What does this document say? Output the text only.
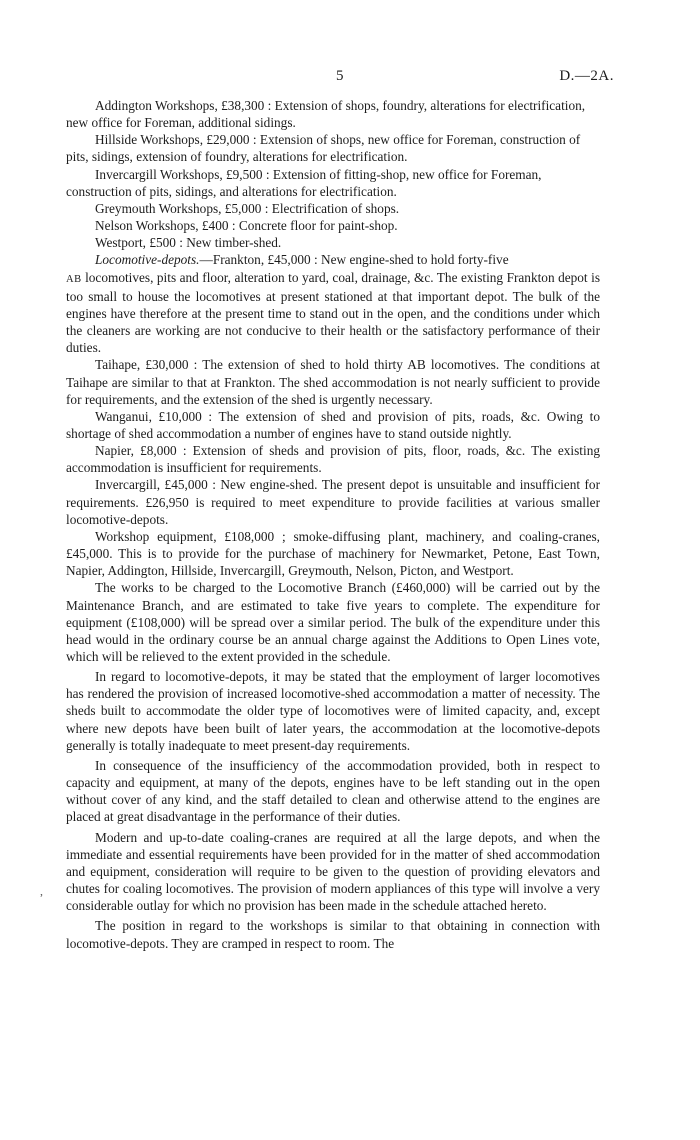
5	D.—2A.

Addington Workshops, £38,300 : Extension of shops, foundry, alterations for electrification, new office for Foreman, additional sidings.

Hillside Workshops, £29,000 : Extension of shops, new office for Foreman, construction of pits, sidings, extension of foundry, alterations for electrification.

Invercargill Workshops, £9,500 : Extension of fitting-shop, new office for Foreman, construction of pits, sidings, and alterations for electrification.

Greymouth Workshops, £5,000 : Electrification of shops.

Nelson Workshops, £400 : Concrete floor for paint-shop.

Westport, £500 : New timber-shed.

Locomotive-depots.—Frankton, £45,000 : New engine-shed to hold forty-five
AB locomotives, pits and floor, alteration to yard, coal, drainage, &c. The existing Frankton depot is too small to house the locomotives at present stationed at that important depot. The bulk of the engines have therefore at the present time to stand out in the open, and the conditions under which the cleaners are working are not conducive to their health or the satisfactory performance of their duties.

Taihape, £30,000 : The extension of shed to hold thirty AB locomotives. The conditions at Taihape are similar to that at Frankton. The shed accommodation is not nearly sufficient to provide for requirements, and the extension of the shed is urgently necessary.

Wanganui, £10,000 : The extension of shed and provision of pits, roads, &c. Owing to shortage of shed accommodation a number of engines have to stand outside nightly.

Napier, £8,000 : Extension of sheds and provision of pits, floor, roads, &c. The existing accommodation is insufficient for requirements.

Invercargill, £45,000 : New engine-shed. The present depot is unsuitable and insufficient for requirements. £26,950 is required to meet expenditure to provide facilities at various smaller locomotive-depots.

Workshop equipment, £108,000 ; smoke-diffusing plant, machinery, and coaling-cranes, £45,000. This is to provide for the purchase of machinery for Newmarket, Petone, East Town, Napier, Addington, Hillside, Invercargill, Greymouth, Nelson, Picton, and Westport.

The works to be charged to the Locomotive Branch (£460,000) will be carried out by the Maintenance Branch, and are estimated to take five years to complete. The expenditure for equipment (£108,000) will be spread over a similar period. The bulk of the expenditure under this head would in the ordinary course be an annual charge against the Additions to Open Lines vote, which will be relieved to the extent provided in the schedule.

In regard to locomotive-depots, it may be stated that the employment of larger locomotives has rendered the provision of increased locomotive-shed accommodation a matter of necessity. The sheds built to accommodate the older type of locomotives were of limited capacity, and, except where new depots have been built of later years, the accommodation at the locomotive-depots generally is totally inadequate to meet present-day requirements.

In consequence of the insufficiency of the accommodation provided, both in respect to capacity and equipment, at many of the depots, engines have to be left standing out in the open without cover of any kind, and the staff detailed to clean and otherwise attend to the engines are placed at great disadvantage in the performance of their duties.

Modern and up-to-date coaling-cranes are required at all the large depots, and when the immediate and essential requirements have been provided for in the matter of shed accommodation and equipment, consideration will require to be given to the question of providing elevators and chutes for coaling locomotives. The provision of modern appliances of this type will involve a very considerable outlay for which no provision has been made in the schedule attached hereto.

The position in regard to the workshops is similar to that obtaining in connection with locomotive-depots. They are cramped in respect to room. The

,
